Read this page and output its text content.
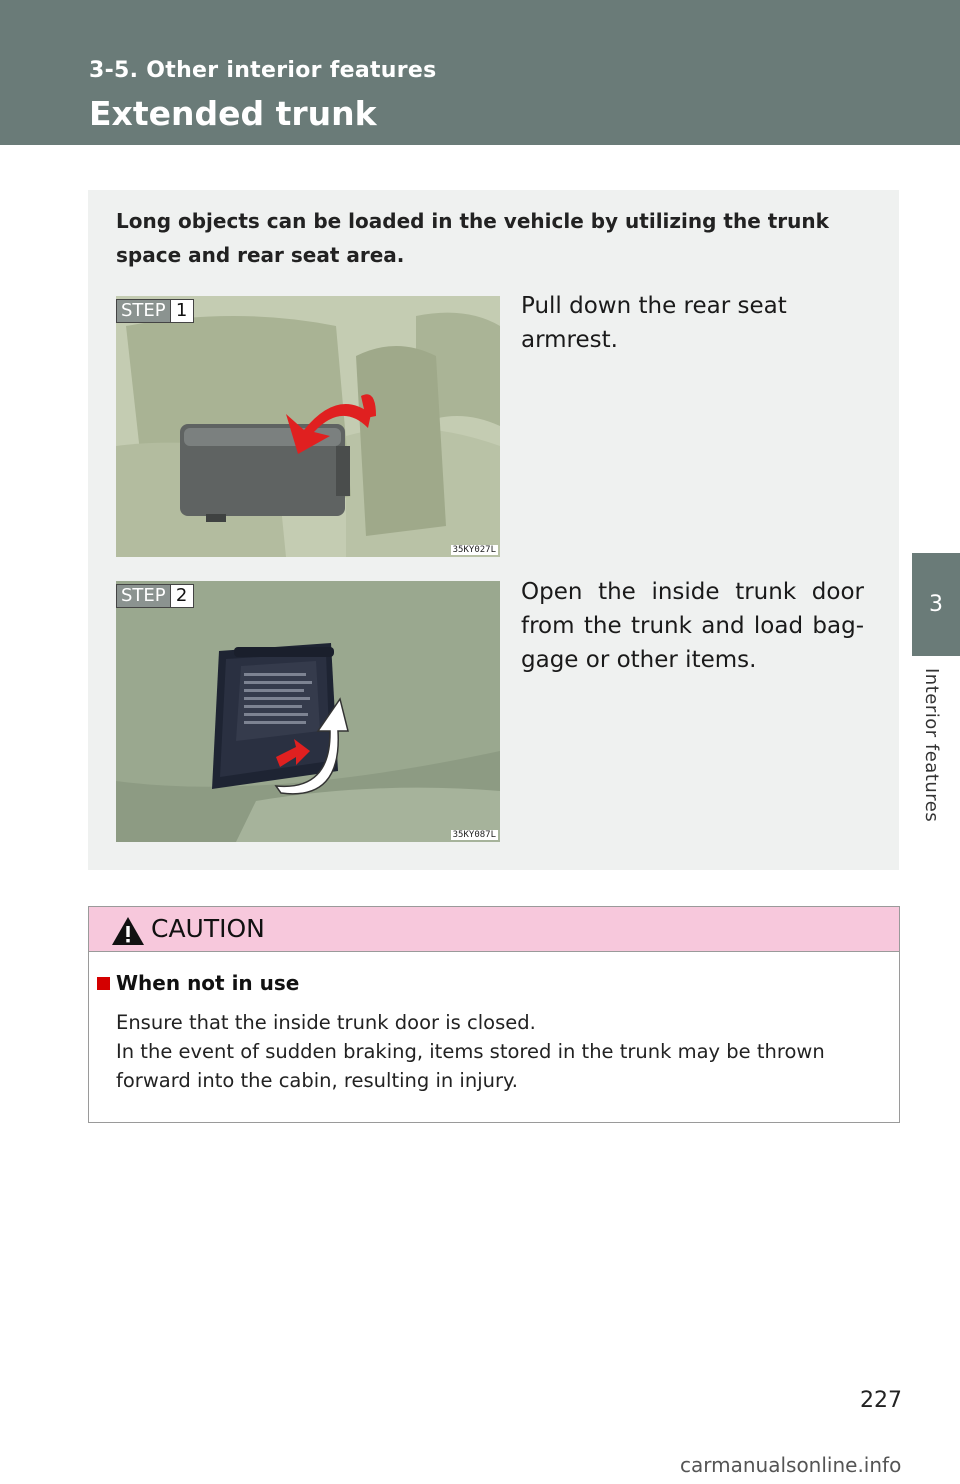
3-5. Other interior features
Extended trunk
3
Interior features
Long objects can be loaded in the vehicle by utilizing the trunk space and rear seat area.
35KY027L
STEP 1	Pull down the rear seat armrest.
35KY087L
STEP 2	Open the inside trunk door from the trunk and load bag-gage or other items.
CAUTION
When not in use
Ensure that the inside trunk door is closed.
In the event of sudden braking, items stored in the trunk may be thrown forward into the cabin, resulting in injury.
227
carmanualsonline.info
